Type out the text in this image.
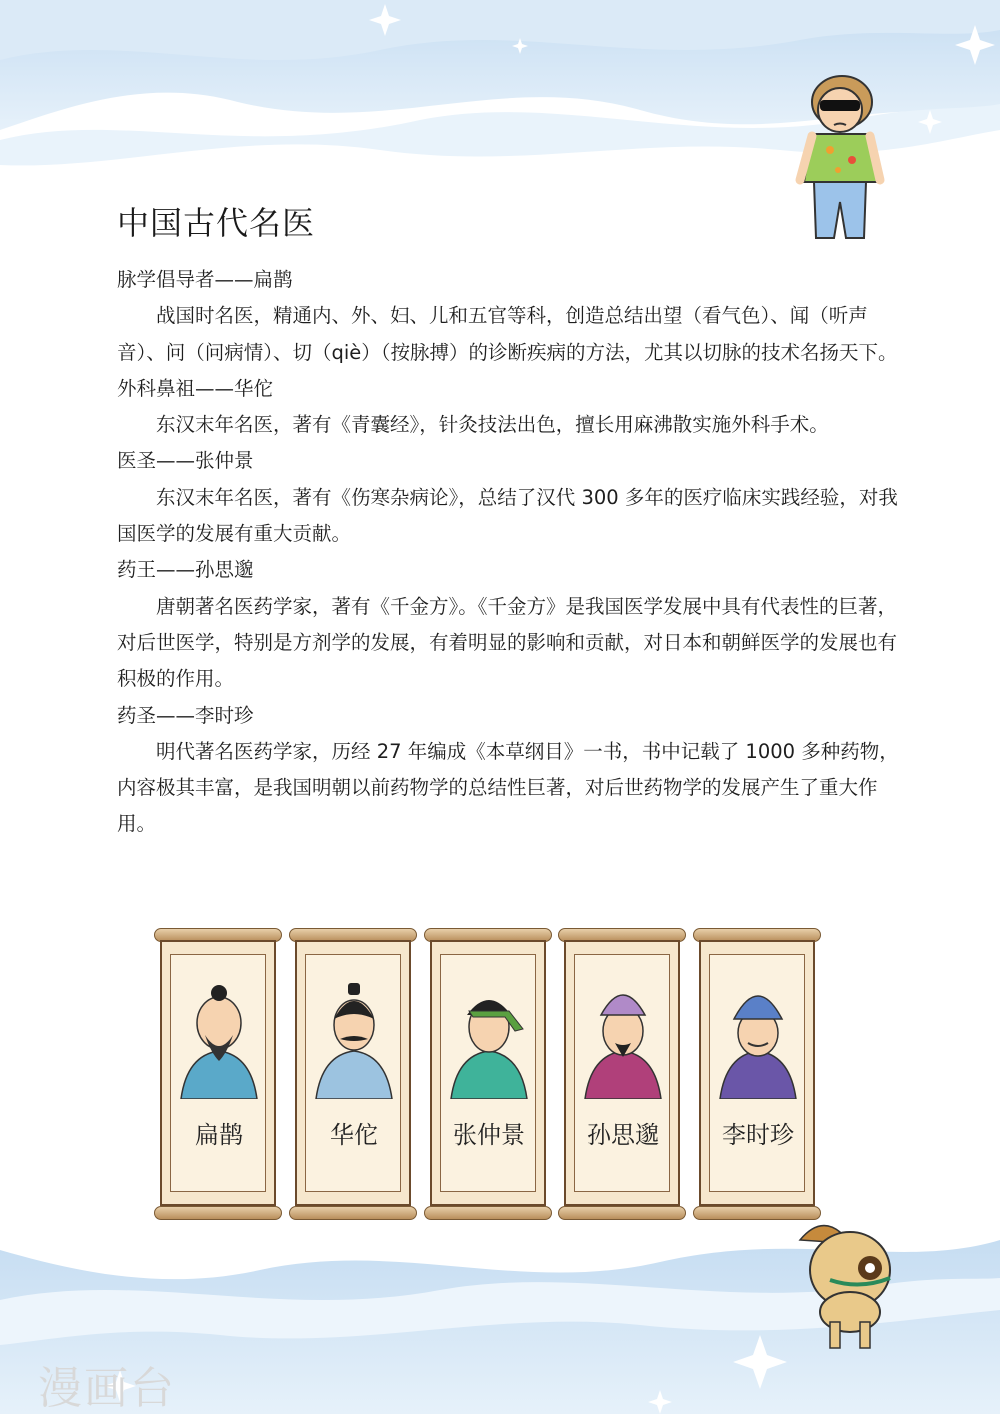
中国古代名医

脉学倡导者——扁鹊

战国时名医，精通内、外、妇、儿和五官等科，创造总结出望（看气色）、闻（听声音）、问（问病情）、切（qiè）（按脉搏）的诊断疾病的方法，尤其以切脉的技术名扬天下。

外科鼻祖——华佗

东汉末年名医，著有《青囊经》，针灸技法出色，擅长用麻沸散实施外科手术。

医圣——张仲景

东汉末年名医，著有《伤寒杂病论》，总结了汉代 300 多年的医疗临床实践经验，对我国医学的发展有重大贡献。

药王——孙思邈

唐朝著名医药学家，著有《千金方》。《千金方》是我国医学发展中具有代表性的巨著，对后世医学，特别是方剂学的发展，有着明显的影响和贡献，对日本和朝鲜医学的发展也有积极的作用。

药圣——李时珍

明代著名医药学家，历经 27 年编成《本草纲目》一书，书中记载了 1000 多种药物，内容极其丰富，是我国明朝以前药物学的总结性巨著，对后世药物学的发展产生了重大作用。

扁鹊	华佗	张仲景	孙思邈	李时珍
漫画台
